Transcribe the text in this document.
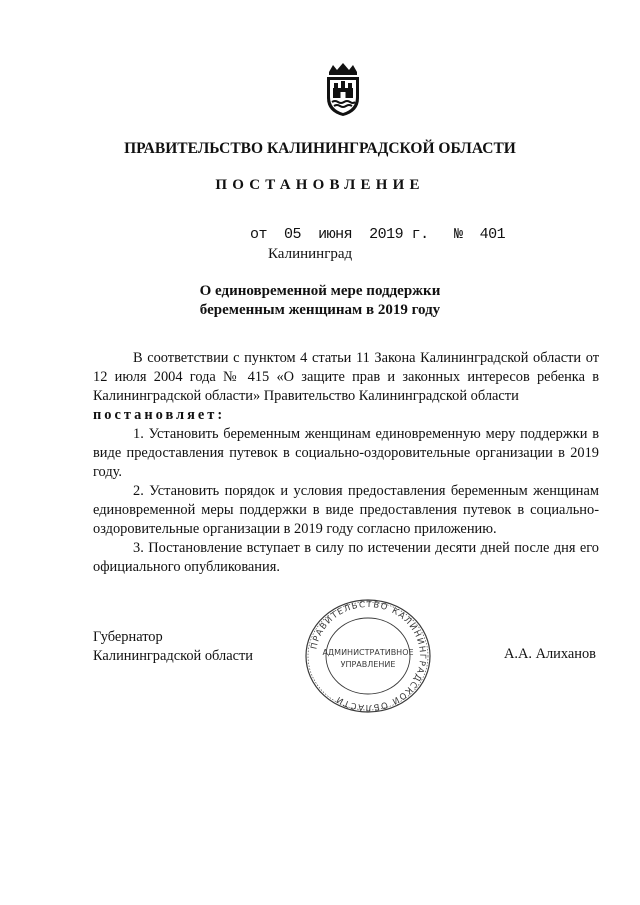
ПРАВИТЕЛЬСТВО КАЛИНИНГРАДСКОЙ ОБЛАСТИ
ПОСТАНОВЛЕНИЕ
от 05 июня 2019 г. № 401
Калининград
О единовременной мере поддержки
беременным женщинам в 2019 году

В соответствии с пунктом 4 статьи 11 Закона Калининградской области от 12 июля 2004 года № 415 «О защите прав и законных интересов ребенка в Калининградской области» Правительство Калининградской области

постановляет:

1. Установить беременным женщинам единовременную меру поддержки в виде предоставления путевок в социально-оздоровительные организации в 2019 году.

2. Установить порядок и условия предоставления беременным женщинам единовременной меры поддержки в виде предоставления путевок в социально-оздоровительные организации в 2019 году согласно приложению.

3. Постановление вступает в силу по истечении десяти дней после дня его официального опубликования.

Губернатор
Калининградской области	А.А. Алиханов
ПРАВИТЕЛЬСТВО КАЛИНИНГРАДСКОЙ ОБЛАСТИ
АДМИНИСТРАТИВНОЕ
УПРАВЛЕНИЕ
